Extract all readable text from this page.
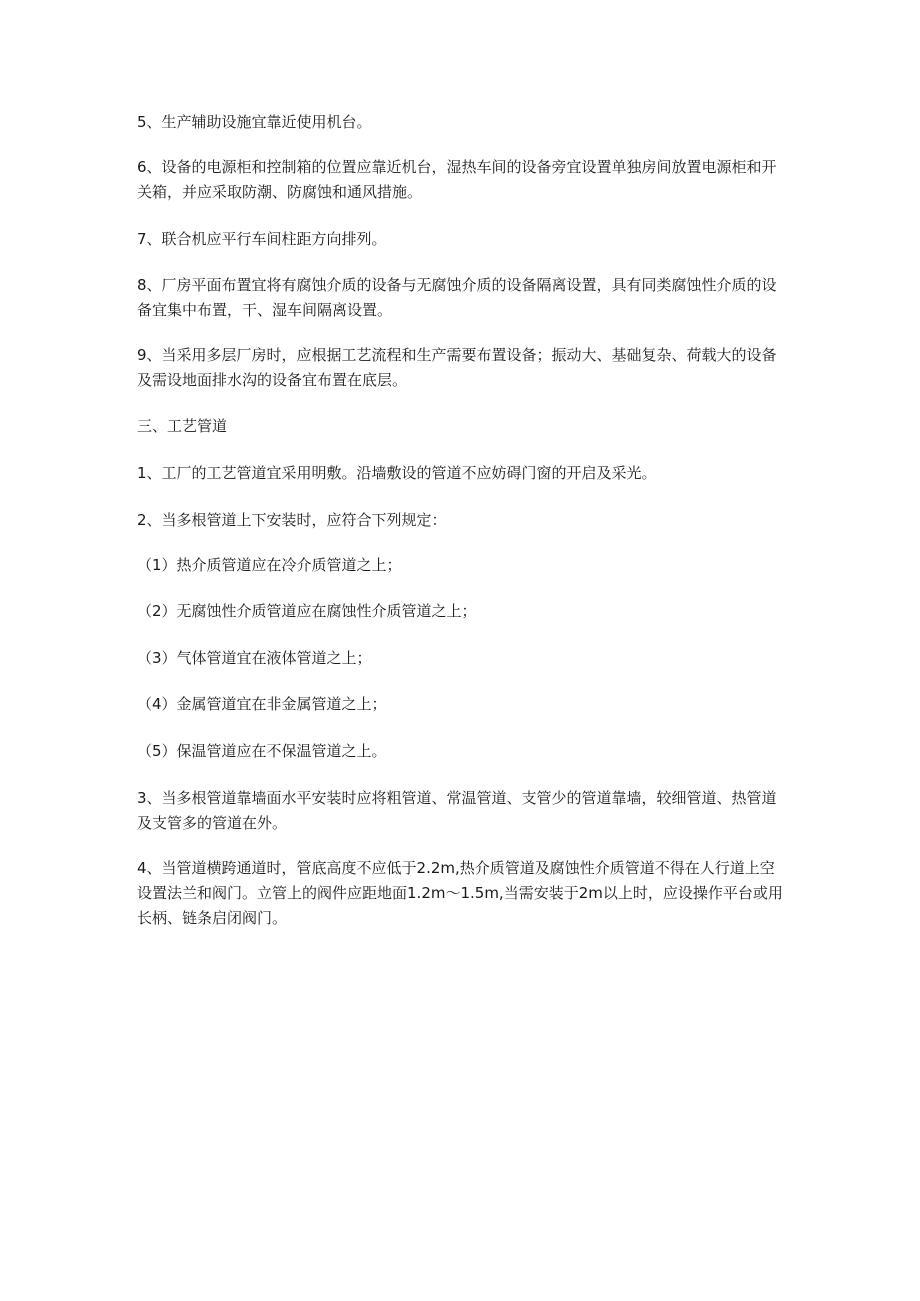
5、生产辅助设施宜靠近使用机台。

6、设备的电源柜和控制箱的位置应靠近机台，湿热车间的设备旁宜设置单独房间放置电源柜和开关箱，并应采取防潮、防腐蚀和通风措施。

7、联合机应平行车间柱距方向排列。

8、厂房平面布置宜将有腐蚀介质的设备与无腐蚀介质的设备隔离设置，具有同类腐蚀性介质的设备宜集中布置，干、湿车间隔离设置。

9、当采用多层厂房时，应根据工艺流程和生产需要布置设备；振动大、基础复杂、荷载大的设备及需设地面排水沟的设备宜布置在底层。

三、工艺管道

1、工厂的工艺管道宜采用明敷。沿墙敷设的管道不应妨碍门窗的开启及采光。

2、当多根管道上下安装时，应符合下列规定：

（1）热介质管道应在冷介质管道之上；

（2）无腐蚀性介质管道应在腐蚀性介质管道之上；

（3）气体管道宜在液体管道之上；

（4）金属管道宜在非金属管道之上；

（5）保温管道应在不保温管道之上。

3、当多根管道靠墙面水平安装时应将粗管道、常温管道、支管少的管道靠墙，较细管道、热管道及支管多的管道在外。

4、当管道横跨通道时，管底高度不应低于2.2m,热介质管道及腐蚀性介质管道不得在人行道上空设置法兰和阀门。立管上的阀件应距地面1.2m～1.5m,当需安装于2m以上时，应设操作平台或用长柄、链条启闭阀门。
